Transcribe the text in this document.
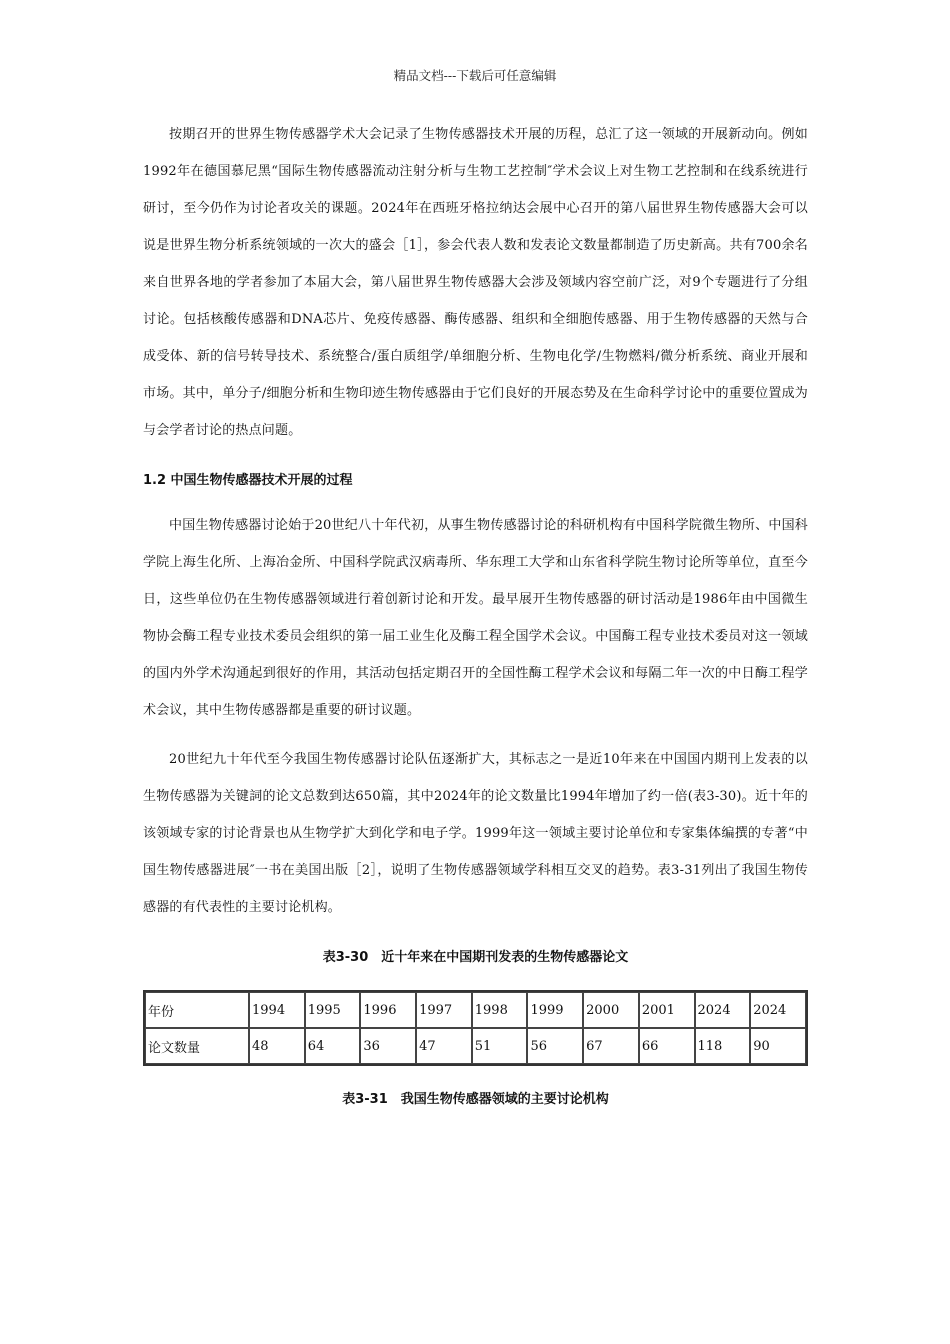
精品文档---下载后可任意编辑

按期召开的世界生物传感器学术大会记录了生物传感器技术开展的历程，总汇了这一领域的开展新动向。例如1992年在德国慕尼黑“国际生物传感器流动注射分析与生物工艺控制″学术会议上对生物工艺控制和在线系统进行研讨，至今仍作为讨论者攻关的课题。2024年在西班牙格拉纳达会展中心召开的第八届世界生物传感器大会可以说是世界生物分析系统领域的一次大的盛会［1］，参会代表人数和发表论文数量都制造了历史新高。共有700余名来自世界各地的学者参加了本届大会，第八届世界生物传感器大会涉及领域内容空前广泛，对9个专题进行了分组讨论。包括核酸传感器和DNA芯片、免疫传感器、酶传感器、组织和全细胞传感器、用于生物传感器的天然与合成受体、新的信号转导技术、系统整合/蛋白质组学/单细胞分析、生物电化学/生物燃料/微分析系统、商业开展和市场。其中，单分子/细胞分析和生物印迹生物传感器由于它们良好的开展态势及在生命科学讨论中的重要位置成为与会学者讨论的热点问题。

1.2 中国生物传感器技术开展的过程

中国生物传感器讨论始于20世纪八十年代初，从事生物传感器讨论的科研机构有中国科学院微生物所、中国科学院上海生化所、上海冶金所、中国科学院武汉病毒所、华东理工大学和山东省科学院生物讨论所等单位，直至今日，这些单位仍在生物传感器领域进行着创新讨论和开发。最早展开生物传感器的研讨活动是1986年由中国微生物协会酶工程专业技术委员会组织的第一届工业生化及酶工程全国学术会议。中国酶工程专业技术委员对这一领域的国内外学术沟通起到很好的作用，其活动包括定期召开的全国性酶工程学术会议和每隔二年一次的中日酶工程学术会议，其中生物传感器都是重要的研讨议题。

20世纪九十年代至今我国生物传感器讨论队伍逐渐扩大，其标志之一是近10年来在中国国内期刊上发表的以生物传感器为关键詞的论文总数到达650篇，其中2024年的论文数量比1994年增加了约一倍(表3-30)。近十年的该领域专家的讨论背景也从生物学扩大到化学和电子学。1999年这一领域主要讨论单位和专家集体编撰的专著“中国生物传感器进展″一书在美国出版［2］，说明了生物传感器领域学科相互交叉的趋势。表3-31列出了我国生物传感器的有代表性的主要讨论机构。

表3-30　近十年来在中国期刊发表的生物传感器论文
年份	1994	1995	1996	1997	1998	1999	2000	2001	2024	2024
论文数量	48	64	36	47	51	56	67	66	118	90
表3-31　我国生物传感器领域的主要讨论机构
